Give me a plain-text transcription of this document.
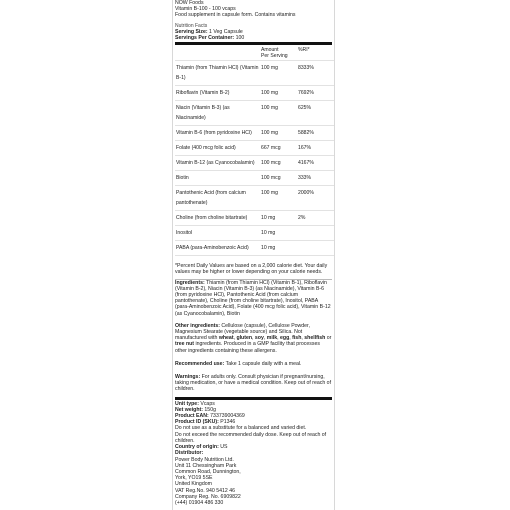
NOW Foods
Vitamin B-100 - 100 vcaps
Food supplement in capsule form. Contains vitamins
Nutrition Facts
Serving Size: 1 Veg Capsule
Servings Per Container: 100

	Amount
Per Serving	%RI*
Thiamin (from Thiamin HCl) (Vitamin B-1)	100 mg	8333%
Riboflavin (Vitamin B-2)	100 mg	7692%
Niacin (Vitamin B-3) (as Niacinamide)	100 mg	625%
Vitamin B-6 (from pyridoxine HCl)	100 mg	5882%
Folate (400 mcg folic acid)	667 mcg	167%
Vitamin B-12 (as Cyanocobalamin)	100 mcg	4167%
Biotin	100 mcg	333%
Pantothenic Acid (from calcium pantothenate)	100 mg	2000%
Choline (from choline bitartrate)	10 mg	2%
Inositol	10 mg	
PABA (para-Aminobenzoic Acid)	10 mg	
*Percent Daily Values are based on a 2,000 calorie diet. Your daily values may be higher or lower depending on your calorie needs.

Ingredients: Thiamin (from Thiamin HCl) (Vitamin B-1), Riboflavin (Vitamin B-2), Niacin (Vitamin B-3) (as Niacinamide), Vitamin B-6 (from pyridoxine HCl), Pantothenic Acid (from calcium pantothenate), Choline (from choline bitartrate), Inositol, PABA (para-Aminobenzoic Acid), Folate (400 mcg folic acid), Vitamin B-12 (as Cyanocobalamin), Biotin

Other ingredients: Cellulose (capsule), Cellulose Powder, Magnesium Stearate (vegetable source) and Silica. Not manufactured with wheat, gluten, soy, milk, egg, fish, shellfish or tree nut ingredients. Produced in a GMP facility that processes other ingredients containing these allergens.

Recommended use: Take 1 capsule daily with a meal.

Warnings: For adults only. Consult physician if pregnant/nursing, taking medication, or have a medical condition. Keep out of reach of children.

Unit type: Vcaps
Net weight: 150g
Product EAN: 733739004369
Product ID (SKU): P1346
Do not use as a substitute for a balanced and varied diet.
Do not exceed the recommended daily dose. Keep out of reach of children.
Country of origin: US
Distributor:
Power Body Nutrition Ltd.
Unit 11 Chessingham Park
Common Road, Dunnington,
York, YO19 5SE
United Kingdom
VAT Reg.No. 940 5412 46
Company Reg. No. 6909822
(+44) 01904 486 330
